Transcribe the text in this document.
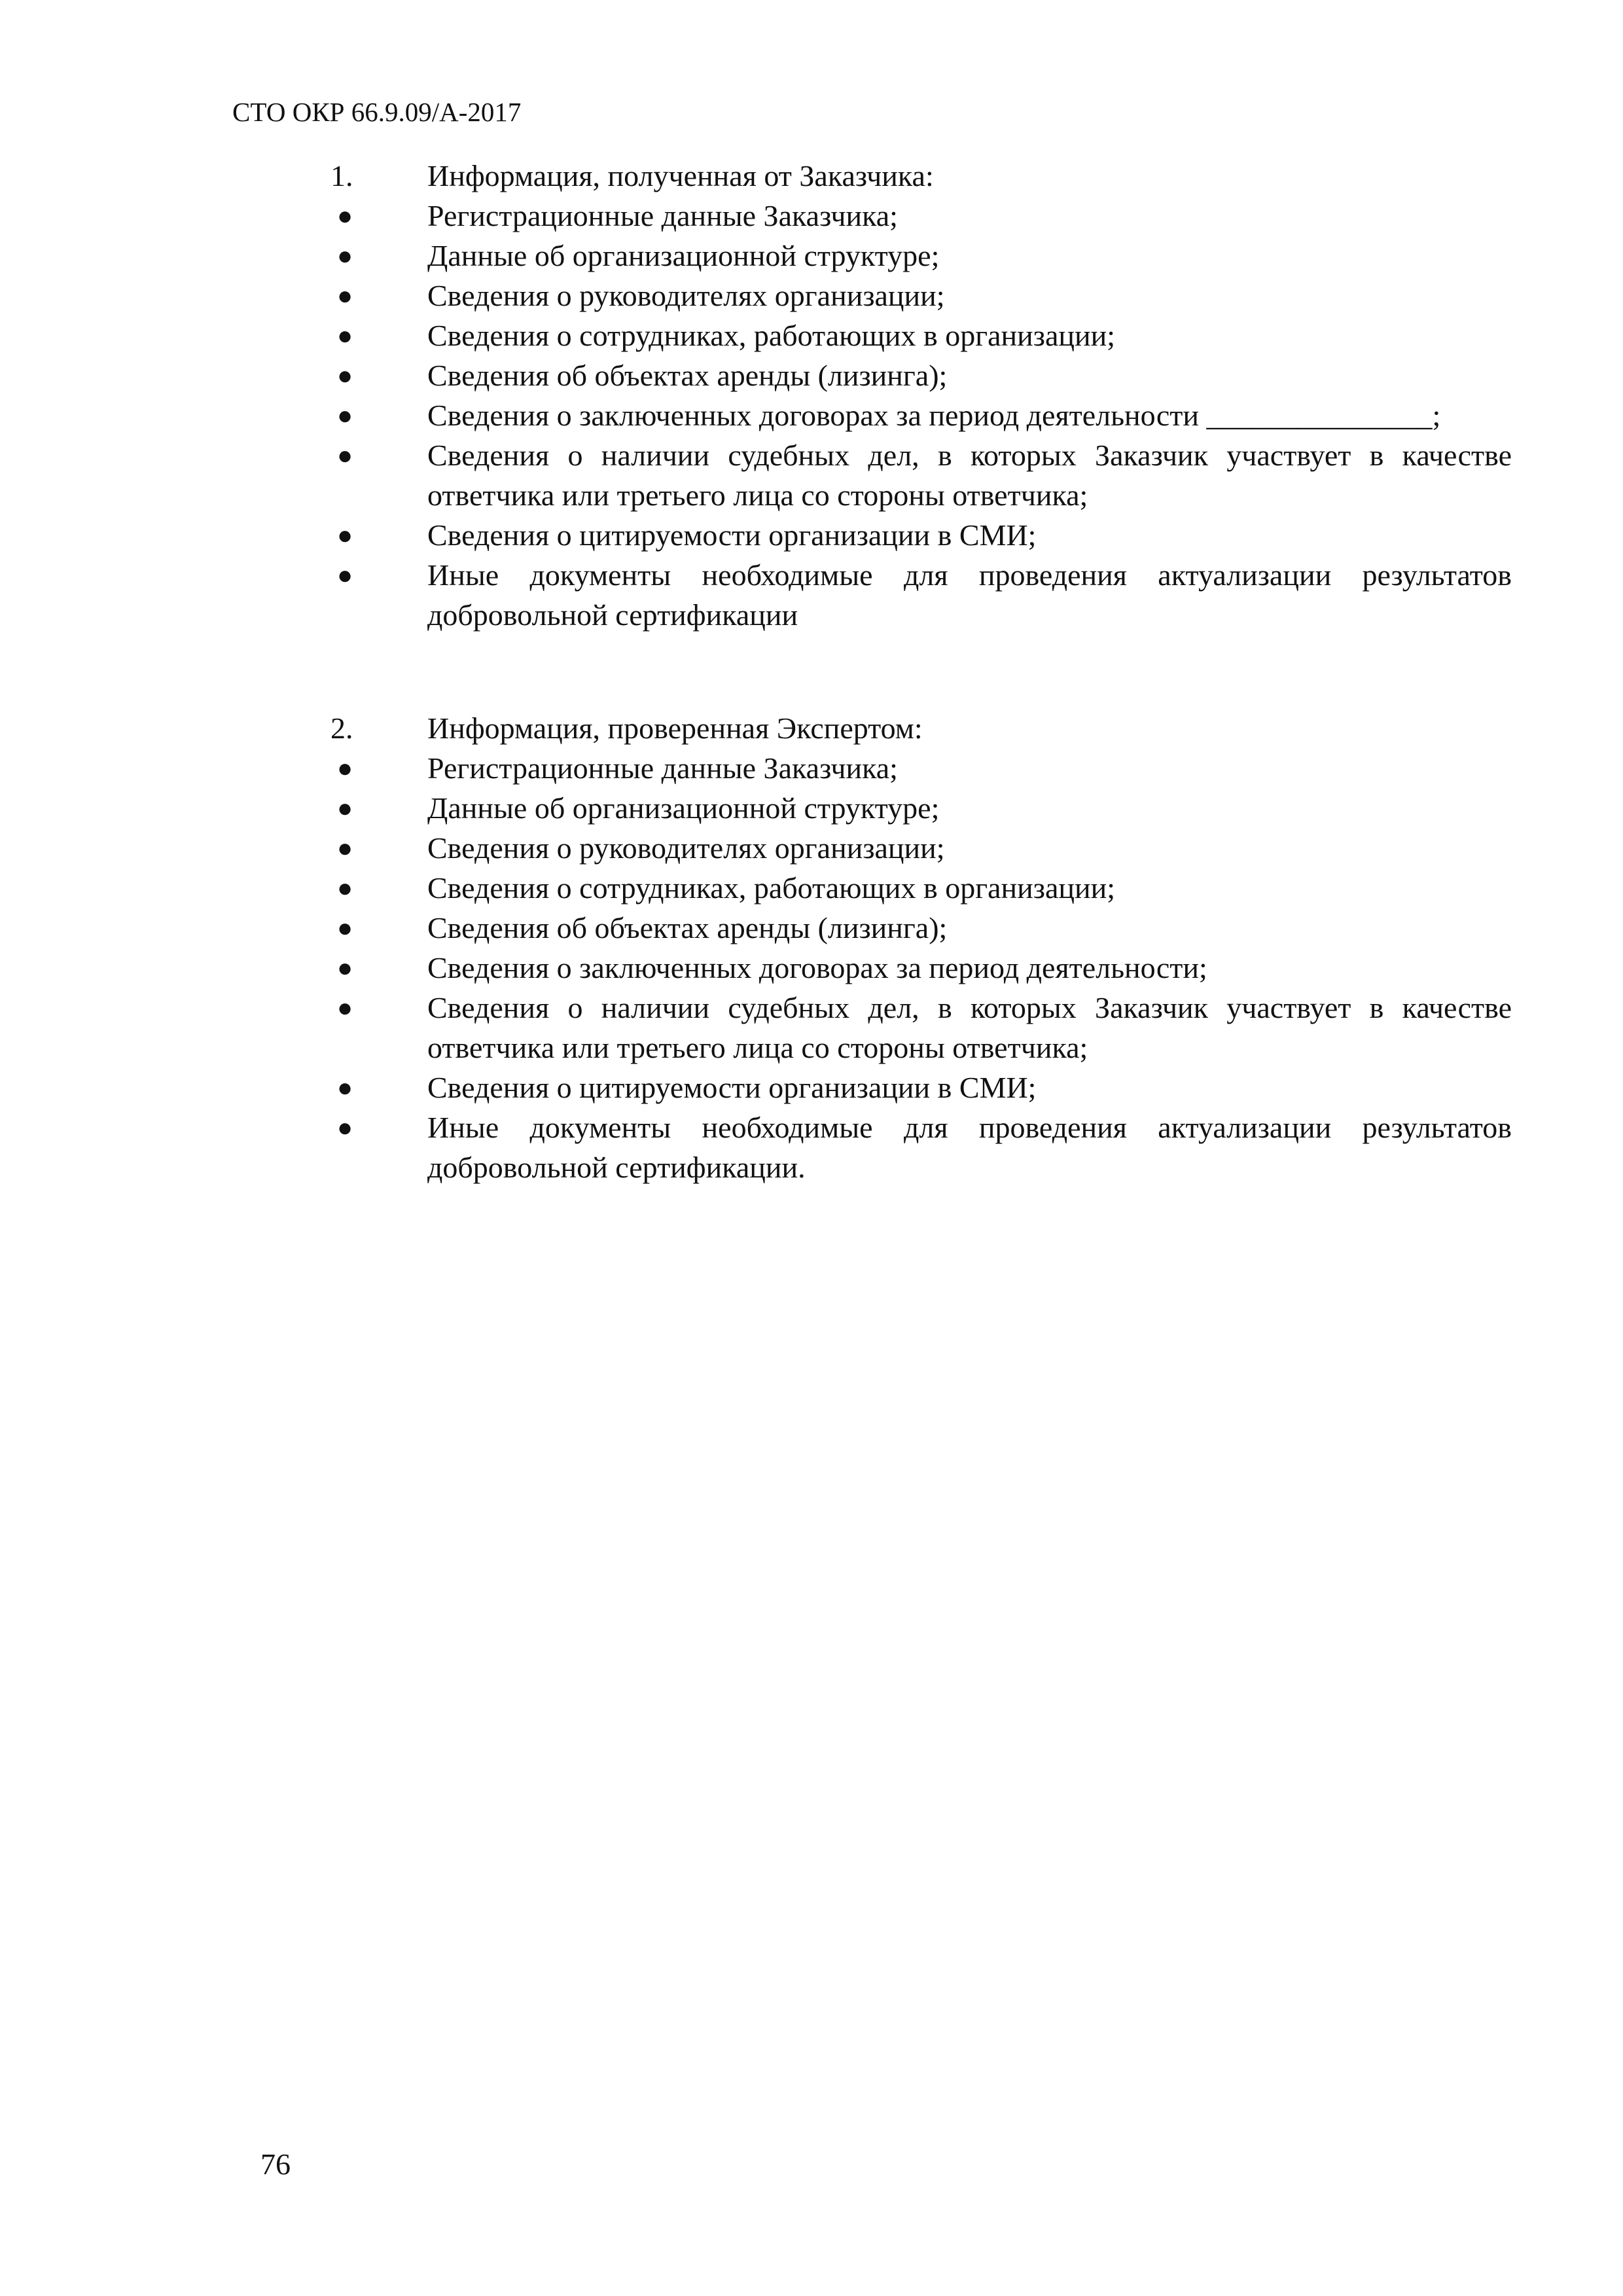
СТО ОКР 66.9.09/А-2017
1.	Информация, полученная от Заказчика:
●	Регистрационные данные Заказчика;
●	Данные об организационной структуре;
●	Сведения о руководителях организации;
●	Сведения о сотрудниках, работающих в организации;
●	Сведения об объектах аренды (лизинга);
●	Сведения о заключенных договорах за период деятельности _______________;
●	Сведения о наличии судебных дел, в которых Заказчик участвует в качестве ответчика или третьего лица со стороны ответчика;
●	Сведения о цитируемости организации в СМИ;
●	Иные документы необходимые для проведения актуализации результатов добровольной сертификации
2.	Информация, проверенная Экспертом:
●	Регистрационные данные Заказчика;
●	Данные об организационной структуре;
●	Сведения о руководителях организации;
●	Сведения о сотрудниках, работающих в организации;
●	Сведения об объектах аренды (лизинга);
●	Сведения о заключенных договорах за период деятельности;
●	Сведения о наличии судебных дел, в которых Заказчик участвует в качестве ответчика или третьего лица со стороны ответчика;
●	Сведения о цитируемости организации в СМИ;
●	Иные документы необходимые для проведения актуализации результатов добровольной сертификации.
76
